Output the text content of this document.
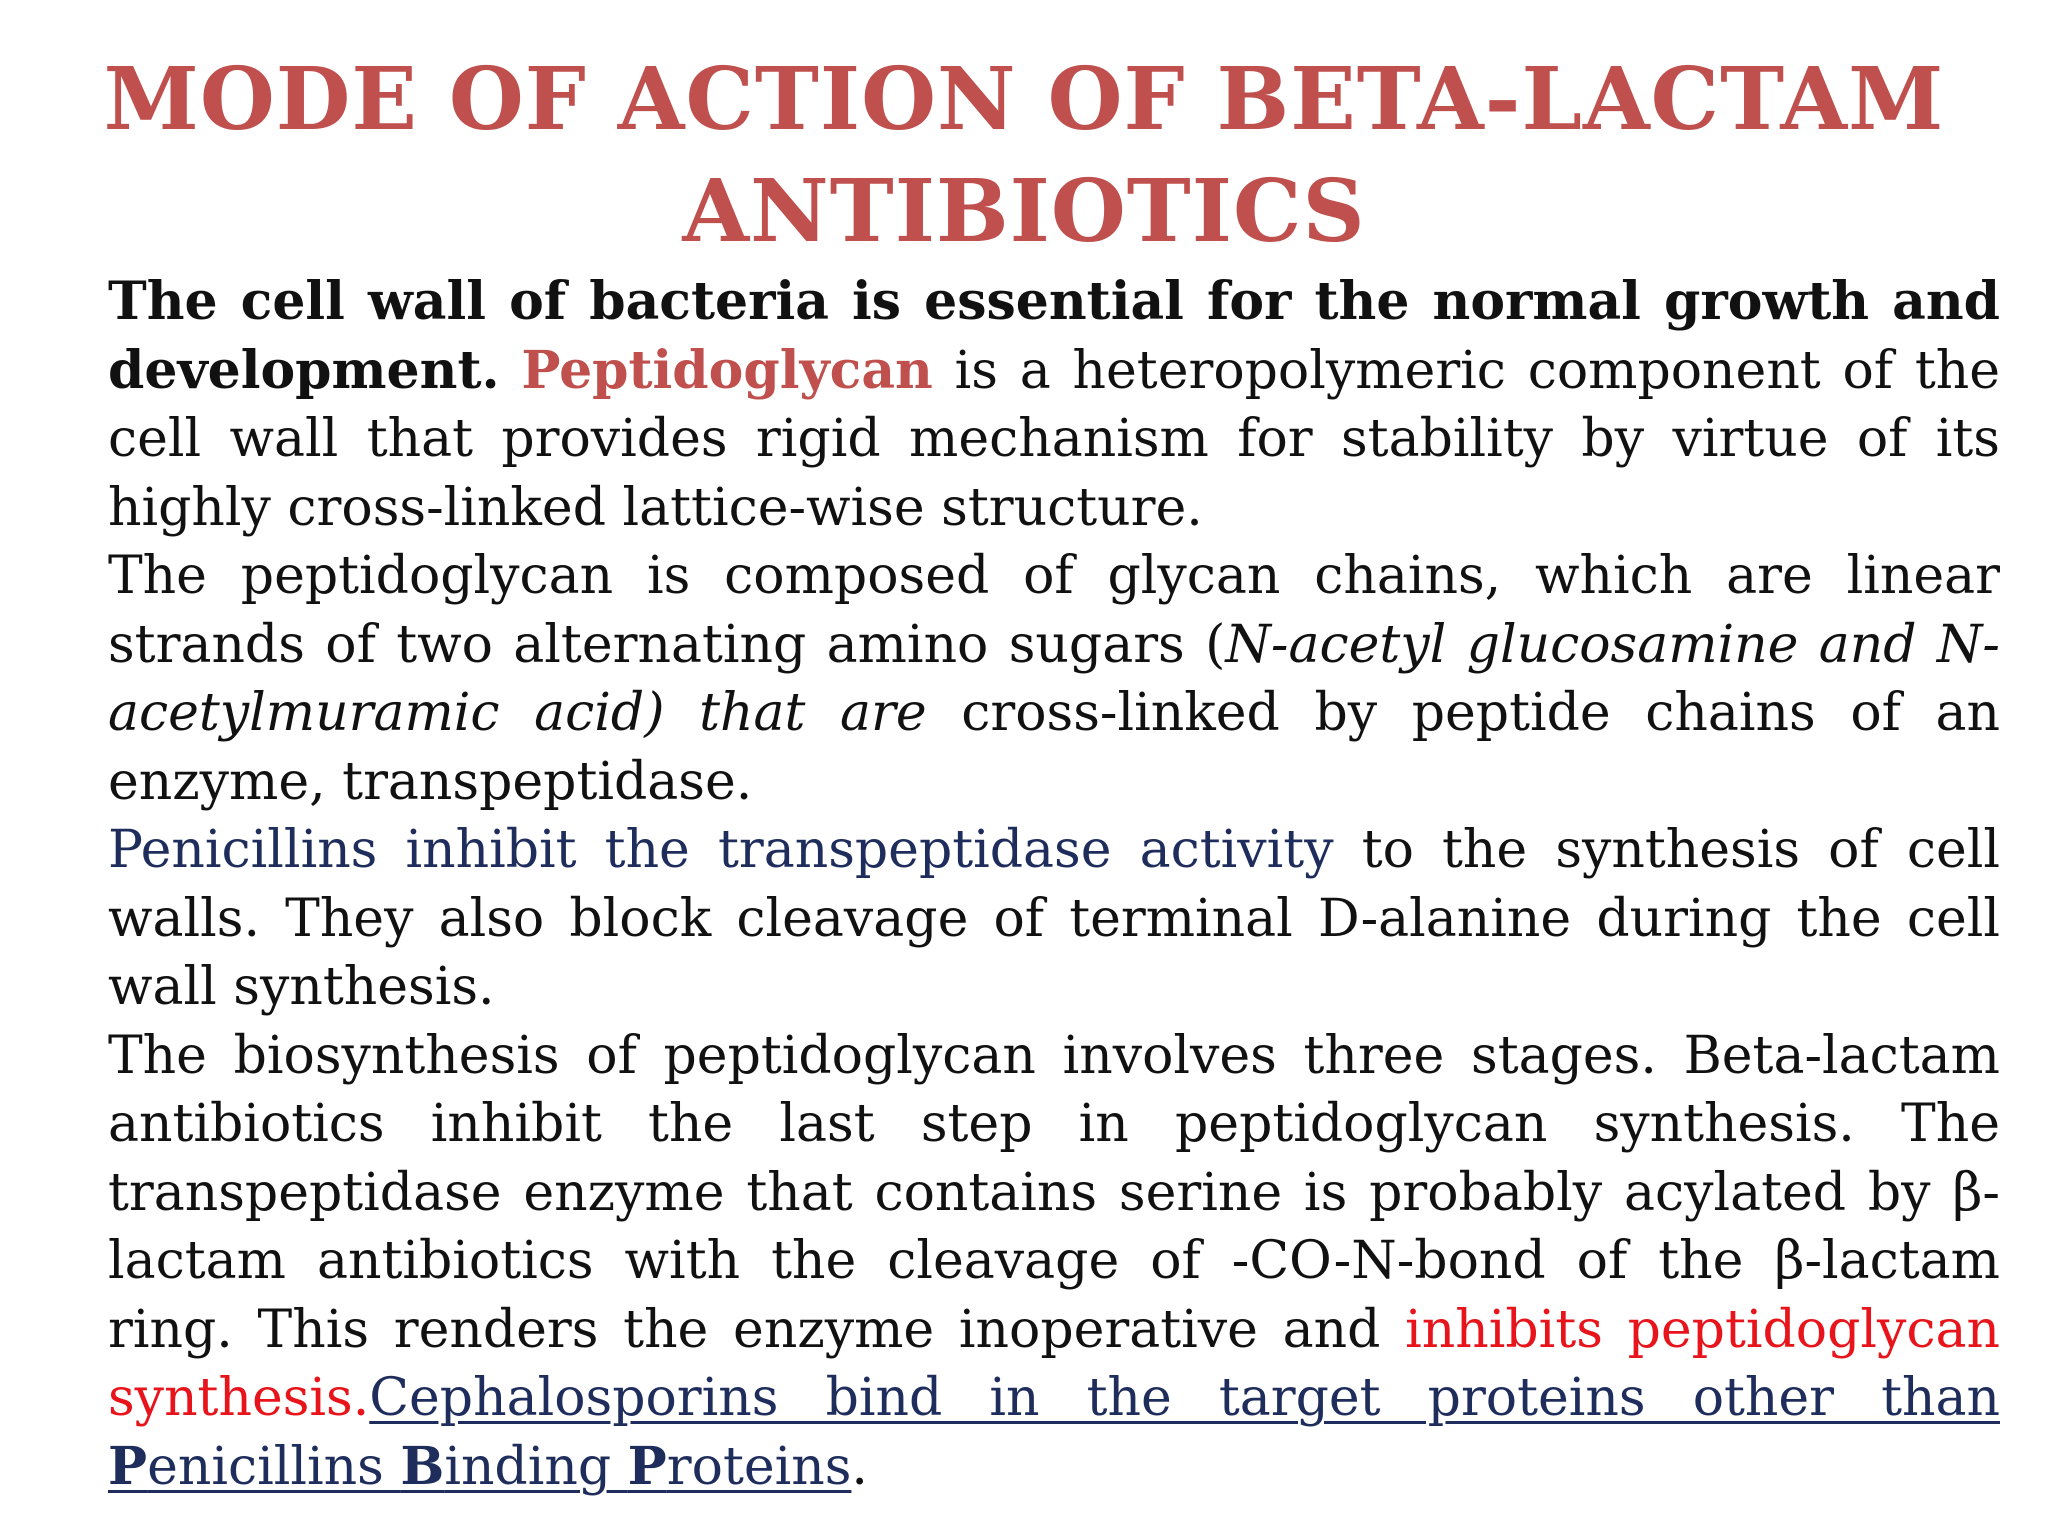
MODE OF ACTION OF BETA-LACTAM ANTIBIOTICS

The cell wall of bacteria is essential for the normal growth and development. Peptidoglycan is a heteropolymeric component of the cell wall that provides rigid mechanism for stability by virtue of its highly cross-linked lattice-wise structure.

The peptidoglycan is composed of glycan chains, which are linear strands of two alternating amino sugars (N-acetyl glucosamine and N-acetylmuramic acid) that are cross-linked by peptide chains of an enzyme, transpeptidase.

Penicillins inhibit the transpeptidase activity to the synthesis of cell walls. They also block cleavage of terminal D-alanine during the cell wall synthesis.

The biosynthesis of peptidoglycan involves three stages. Beta-lactam antibiotics inhibit the last step in peptidoglycan synthesis. The transpeptidase enzyme that contains serine is probably acylated by β-lactam antibiotics with the cleavage of -CO-N-bond of the β-lactam ring. This renders the enzyme inoperative and inhibits peptidoglycan synthesis.Cephalosporins bind in the target proteins other than Penicillins Binding Proteins.
